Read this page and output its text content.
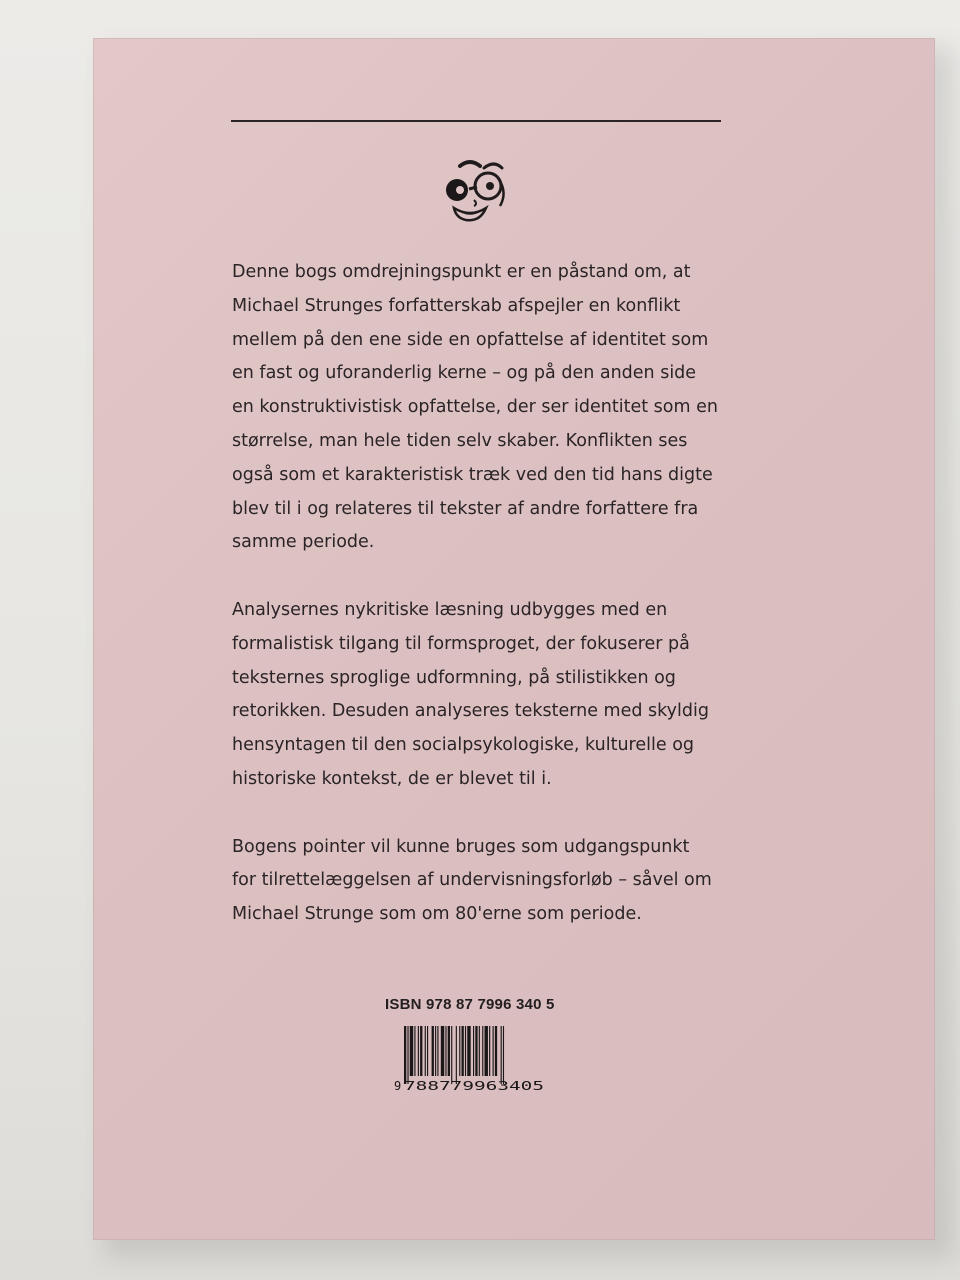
Denne bogs omdrejningspunkt er en påstand om, at
Michael Strunges forfatterskab afspejler en konflikt
mellem på den ene side en opfattelse af identitet som
en fast og uforanderlig kerne – og på den anden side
en konstruktivistisk opfattelse, der ser identitet som en
størrelse, man hele tiden selv skaber. Konflikten ses
også som et karakteristisk træk ved den tid hans digte
blev til i og relateres til tekster af andre forfattere fra
samme periode.
Analysernes nykritiske læsning udbygges med en
formalistisk tilgang til formsproget, der fokuserer på
teksternes sproglige udformning, på stilistikken og
retorikken. Desuden analyseres teksterne med skyldig
hensyntagen til den socialpsykologiske, kulturelle og
historiske kontekst, de er blevet til i.
Bogens pointer vil kunne bruges som udgangspunkt
for tilrettelæggelsen af undervisningsforløb – såvel om
Michael Strunge som om 80'erne som periode.
ISBN 978 87 7996 340 5
9 788779963405
